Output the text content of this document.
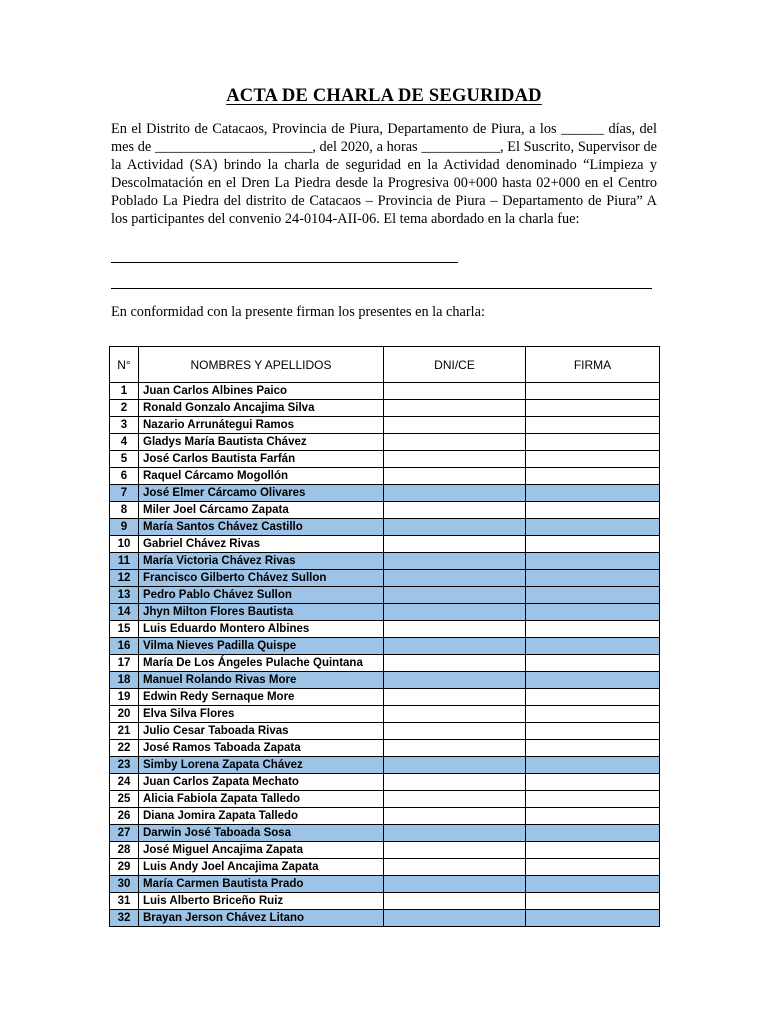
ACTA DE CHARLA DE SEGURIDAD
En el Distrito de Catacaos, Provincia de Piura, Departamento de Piura, a los ______ días, del mes de ______________________, del 2020, a horas ___________, El Suscrito, Supervisor de la Actividad (SA) brindo la charla de seguridad en la Actividad denominado “Limpieza y Descolmatación en el Dren La Piedra desde la Progresiva 00+000 hasta 02+000 en el Centro Poblado La Piedra del distrito de Catacaos – Provincia de Piura – Departamento de Piura” A los participantes del convenio 24-0104-AII-06. El tema abordado en la charla fue:
En conformidad con la presente firman los presentes en la charla:
N°	NOMBRES Y APELLIDOS	DNI/CE	FIRMA
1	Juan Carlos Albines Paico		
2	Ronald Gonzalo Ancajima Silva		
3	Nazario Arrunátegui Ramos		
4	Gladys María Bautista Chávez		
5	José Carlos Bautista Farfán		
6	Raquel Cárcamo Mogollón		
7	José Elmer Cárcamo Olivares		
8	Miler Joel Cárcamo Zapata		
9	María Santos Chávez Castillo		
10	Gabriel Chávez Rivas		
11	María Victoria Chávez Rivas		
12	Francisco Gilberto Chávez Sullon		
13	Pedro Pablo Chávez Sullon		
14	Jhyn Milton Flores Bautista		
15	Luis Eduardo Montero Albines		
16	Vilma Nieves Padilla Quispe		
17	María De Los Ángeles Pulache Quintana		
18	Manuel Rolando Rivas More		
19	Edwin Redy Sernaque More		
20	Elva Silva Flores		
21	Julio Cesar Taboada Rivas		
22	José Ramos Taboada Zapata		
23	Simby Lorena Zapata Chávez		
24	Juan Carlos Zapata Mechato		
25	Alicia Fabiola Zapata Talledo		
26	Diana Jomira Zapata Talledo		
27	Darwin José Taboada Sosa		
28	José Miguel Ancajima Zapata		
29	Luis Andy Joel Ancajima Zapata		
30	María Carmen Bautista Prado		
31	Luis Alberto Briceño Ruiz		
32	Brayan Jerson Chávez Litano		
